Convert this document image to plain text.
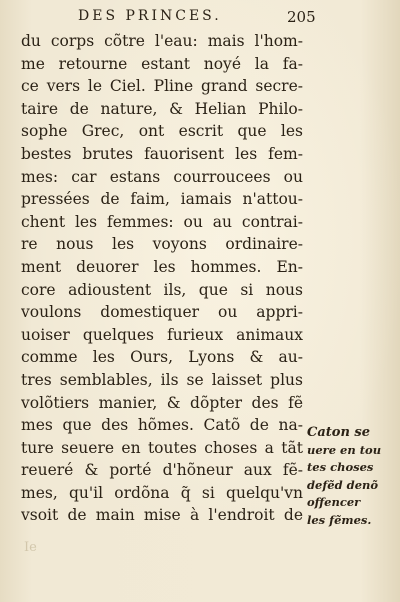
DES PRINCES.	205
du corps cõtre l'eau: mais l'hom-
me retourne estant noyé la fa-
ce vers le Ciel. Pline grand secre-
taire de nature, & Helian Philo-
sophe Grec, ont escrit que les
bestes brutes fauorisent les fem-
mes: car estans courroucees ou
pressées de faim, iamais n'attou-
chent les femmes: ou au contrai-
re nous les voyons ordinaire-
ment deuorer les hommes. En-
core adioustent ils, que si nous
voulons domestiquer ou appri-
uoiser quelques furieux animaux
comme les Ours, Lyons & au-
tres semblables, ils se laisset plus
volõtiers manier, & dõpter des fẽ
mes que des hõmes. Catõ de na-
ture seuere en toutes choses a tãt
reueré & porté d'hõneur aux fẽ-
mes, qu'il ordõna q̃ si quelqu'vn
vsoit de main mise à l'endroit de
Caton se
uere en tou
tes choses
defẽd denõ
offencer
les fẽmes.
Ie
